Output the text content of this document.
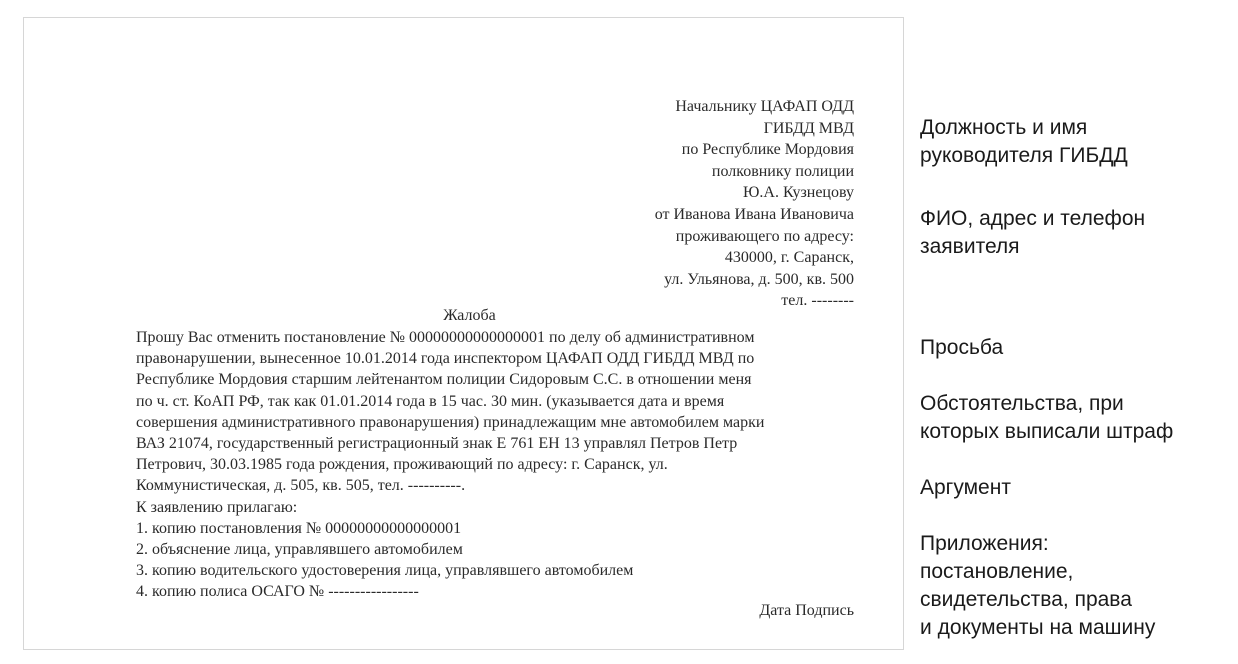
Начальнику ЦАФАП ОДД
ГИБДД МВД
по Республике Мордовия
полковнику полиции
Ю.А. Кузнецову
от Иванова Ивана Ивановича
проживающего по адресу:
430000, г. Саранск,
ул. Ульянова, д. 500, кв. 500
тел. --------
Жалоба
Прошу Вас отменить постановление № 00000000000000001 по делу об административном
правонарушении, вынесенное 10.01.2014 года инспектором ЦАФАП ОДД ГИБДД МВД по
Республике Мордовия старшим лейтенантом полиции Сидоровым С.С. в отношении меня
по ч. ст. КоАП РФ, так как 01.01.2014 года в 15 час. 30 мин. (указывается дата и время
совершения административного правонарушения) принадлежащим мне автомобилем марки
ВАЗ 21074, государственный регистрационный знак Е 761 ЕН 13 управлял Петров Петр
Петрович, 30.03.1985 года рождения, проживающий по адресу: г. Саранск, ул.
Коммунистическая, д. 505, кв. 505, тел. ----------.
К заявлению прилагаю:
1. копию постановления № 00000000000000001
2. объяснение лица, управлявшего автомобилем
3. копию водительского удостоверения лица, управлявшего автомобилем
4. копию полиса ОСАГО № -----------------
Дата Подпись
Должность и имя
руководителя ГИБДД
ФИО, адрес и телефон
заявителя
Просьба
Обстоятельства, при
которых выписали штраф
Аргумент
Приложения:
постановление,
свидетельства, права
и документы на машину
